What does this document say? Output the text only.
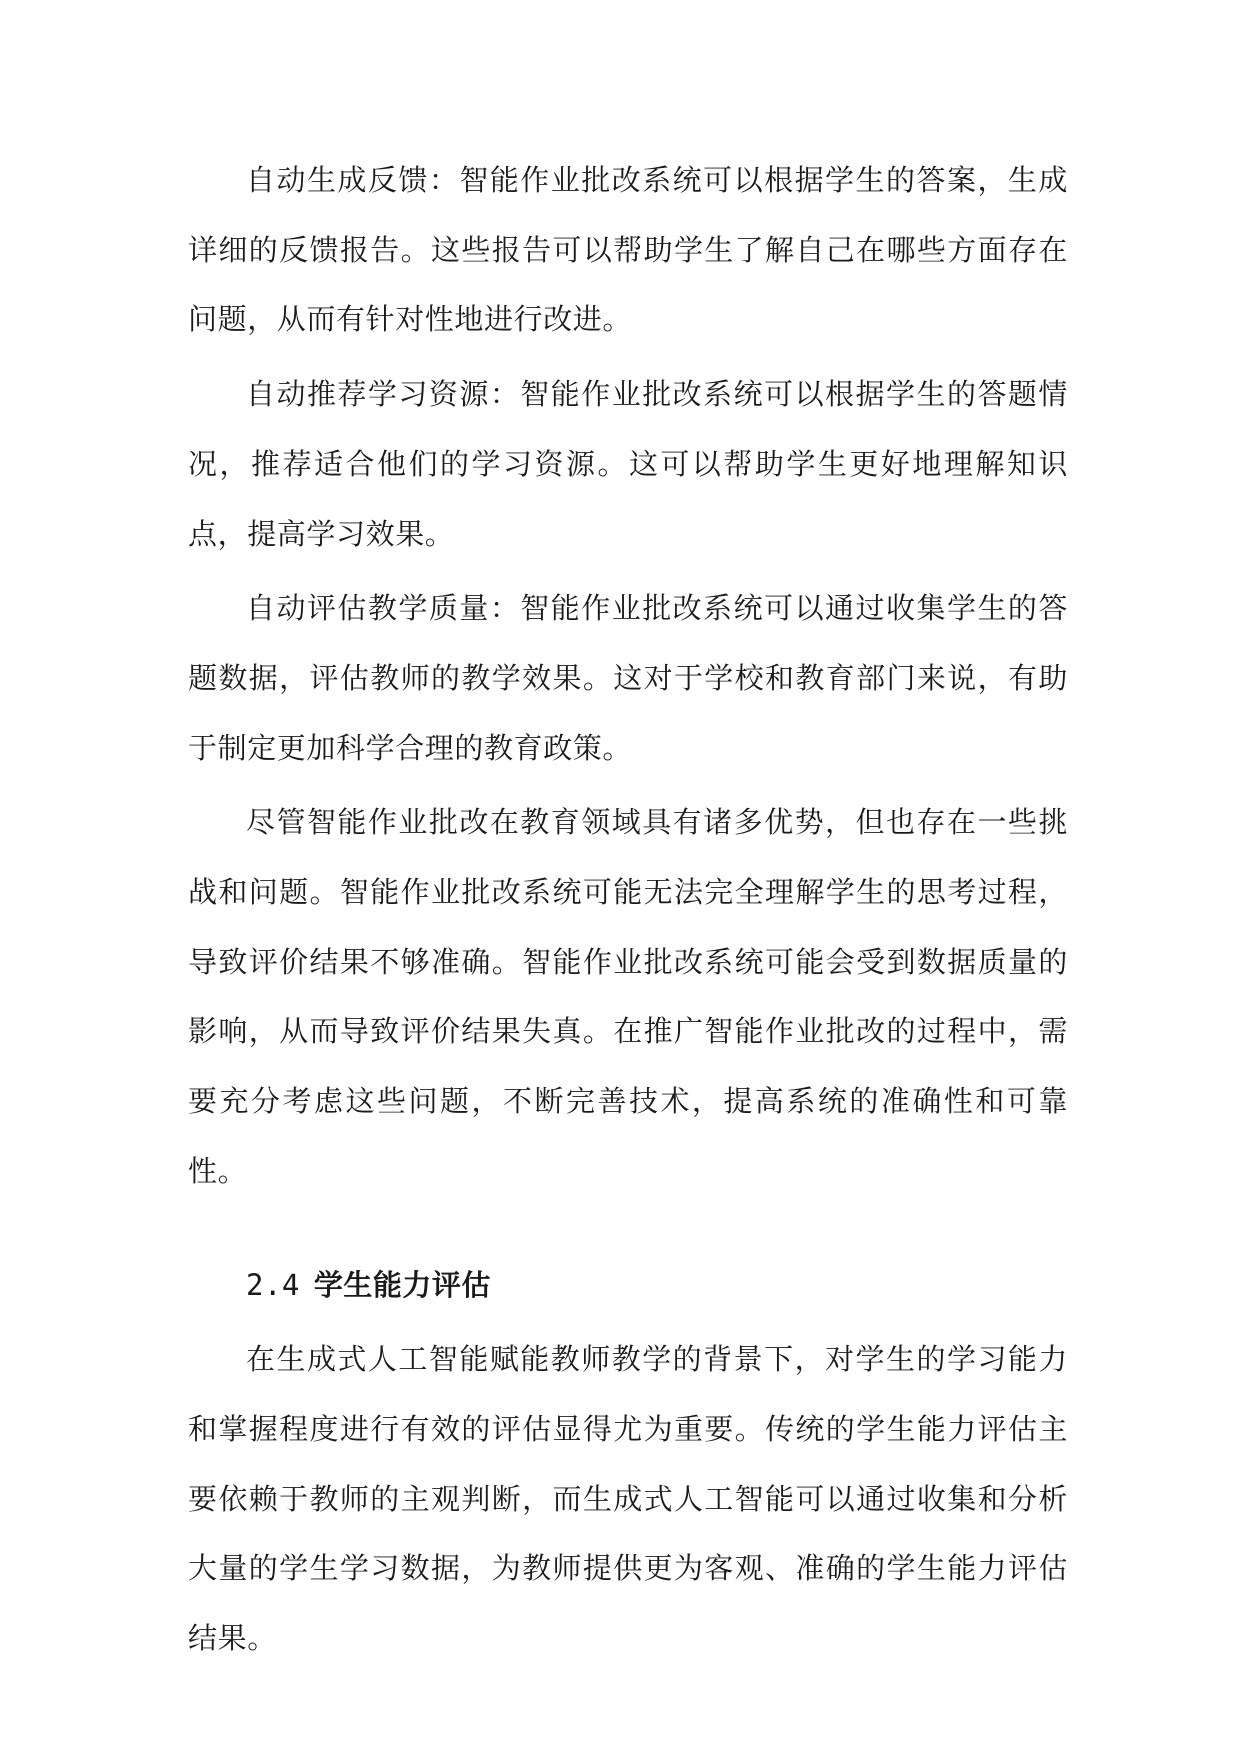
自动生成反馈：智能作业批改系统可以根据学生的答案，生成详细的反馈报告。这些报告可以帮助学生了解自己在哪些方面存在问题，从而有针对性地进行改进。

自动推荐学习资源：智能作业批改系统可以根据学生的答题情况，推荐适合他们的学习资源。这可以帮助学生更好地理解知识点，提高学习效果。

自动评估教学质量：智能作业批改系统可以通过收集学生的答题数据，评估教师的教学效果。这对于学校和教育部门来说，有助于制定更加科学合理的教育政策。

尽管智能作业批改在教育领域具有诸多优势，但也存在一些挑战和问题。智能作业批改系统可能无法完全理解学生的思考过程，导致评价结果不够准确。智能作业批改系统可能会受到数据质量的影响，从而导致评价结果失真。在推广智能作业批改的过程中，需要充分考虑这些问题，不断完善技术，提高系统的准确性和可靠性。

2.4 学生能力评估

在生成式人工智能赋能教师教学的背景下，对学生的学习能力和掌握程度进行有效的评估显得尤为重要。传统的学生能力评估主要依赖于教师的主观判断，而生成式人工智能可以通过收集和分析大量的学生学习数据，为教师提供更为客观、准确的学生能力评估结果。
